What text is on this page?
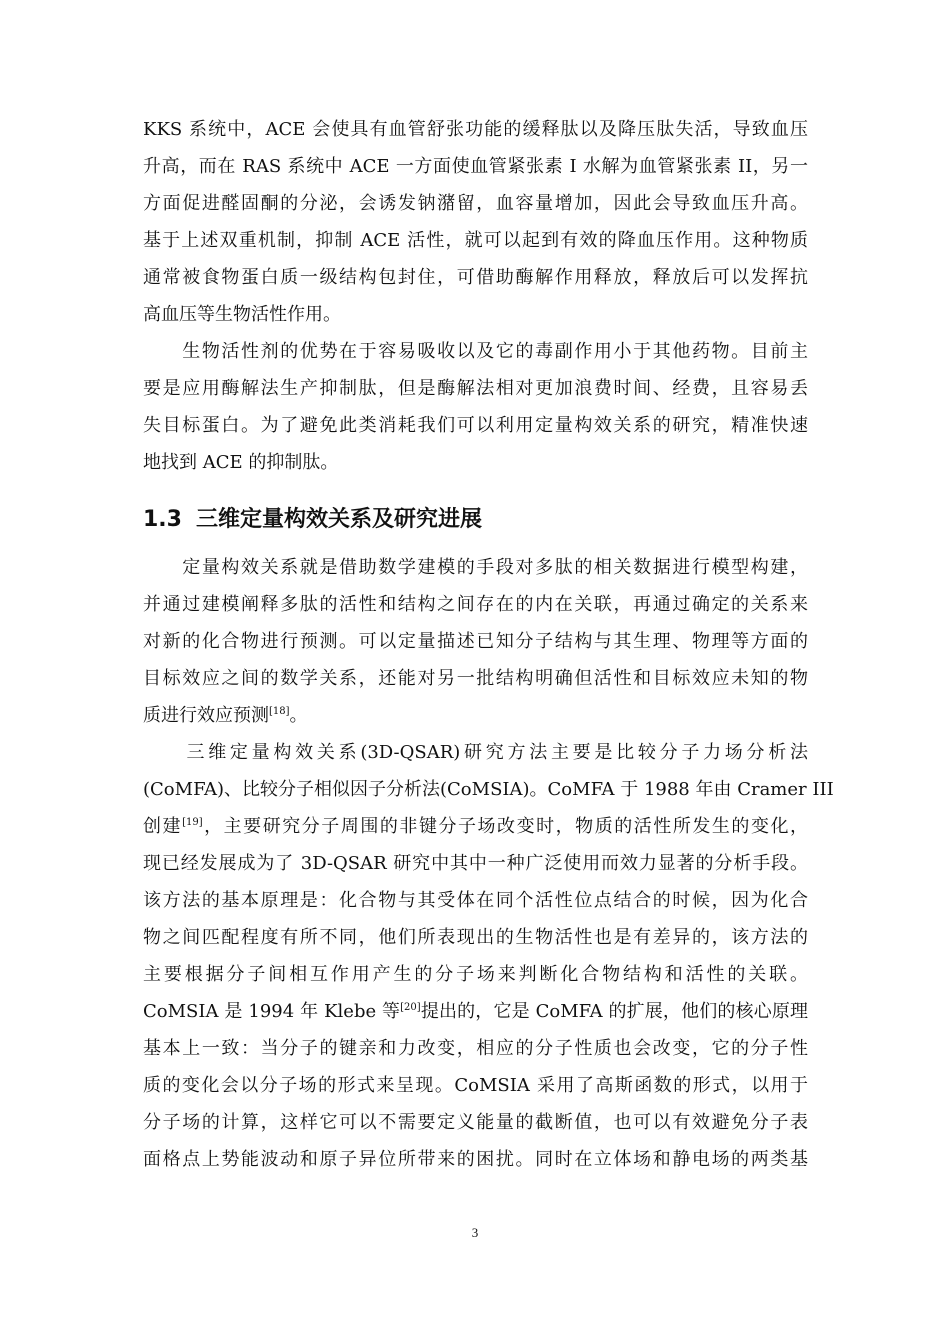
KKS 系统中，ACE 会使具有血管舒张功能的缓释肽以及降压肽失活，导致血压
升高，而在 RAS 系统中 ACE 一方面使血管紧张素 I 水解为血管紧张素 II，另一
方面促进醛固酮的分泌，会诱发钠潴留，血容量增加，因此会导致血压升高。
基于上述双重机制，抑制 ACE 活性，就可以起到有效的降血压作用。这种物质
通常被食物蛋白质一级结构包封住，可借助酶解作用释放，释放后可以发挥抗
高血压等生物活性作用。
　　生物活性剂的优势在于容易吸收以及它的毒副作用小于其他药物。目前主
要是应用酶解法生产抑制肽，但是酶解法相对更加浪费时间、经费，且容易丢
失目标蛋白。为了避免此类消耗我们可以利用定量构效关系的研究，精准快速
地找到 ACE 的抑制肽。
1.3 三维定量构效关系及研究进展
　　定量构效关系就是借助数学建模的手段对多肽的相关数据进行模型构建，
并通过建模阐释多肽的活性和结构之间存在的内在关联，再通过确定的关系来
对新的化合物进行预测。可以定量描述已知分子结构与其生理、物理等方面的
目标效应之间的数学关系，还能对另一批结构明确但活性和目标效应未知的物
质进行效应预测[18]。
　　三维定量构效关系(3D-QSAR)研究方法主要是比较分子力场分析法
(CoMFA)、比较分子相似因子分析法(CoMSIA)。CoMFA 于 1988 年由 Cramer III
创建[19]，主要研究分子周围的非键分子场改变时，物质的活性所发生的变化，
现已经发展成为了 3D-QSAR 研究中其中一种广泛使用而效力显著的分析手段。
该方法的基本原理是：化合物与其受体在同个活性位点结合的时候，因为化合
物之间匹配程度有所不同，他们所表现出的生物活性也是有差异的，该方法的
主要根据分子间相互作用产生的分子场来判断化合物结构和活性的关联。
CoMSIA 是 1994 年 Klebe 等[20]提出的，它是 CoMFA 的扩展，他们的核心原理
基本上一致：当分子的键亲和力改变，相应的分子性质也会改变，它的分子性
质的变化会以分子场的形式来呈现。CoMSIA 采用了高斯函数的形式，以用于
分子场的计算，这样它可以不需要定义能量的截断值，也可以有效避免分子表
面格点上势能波动和原子异位所带来的困扰。同时在立体场和静电场的两类基
3
